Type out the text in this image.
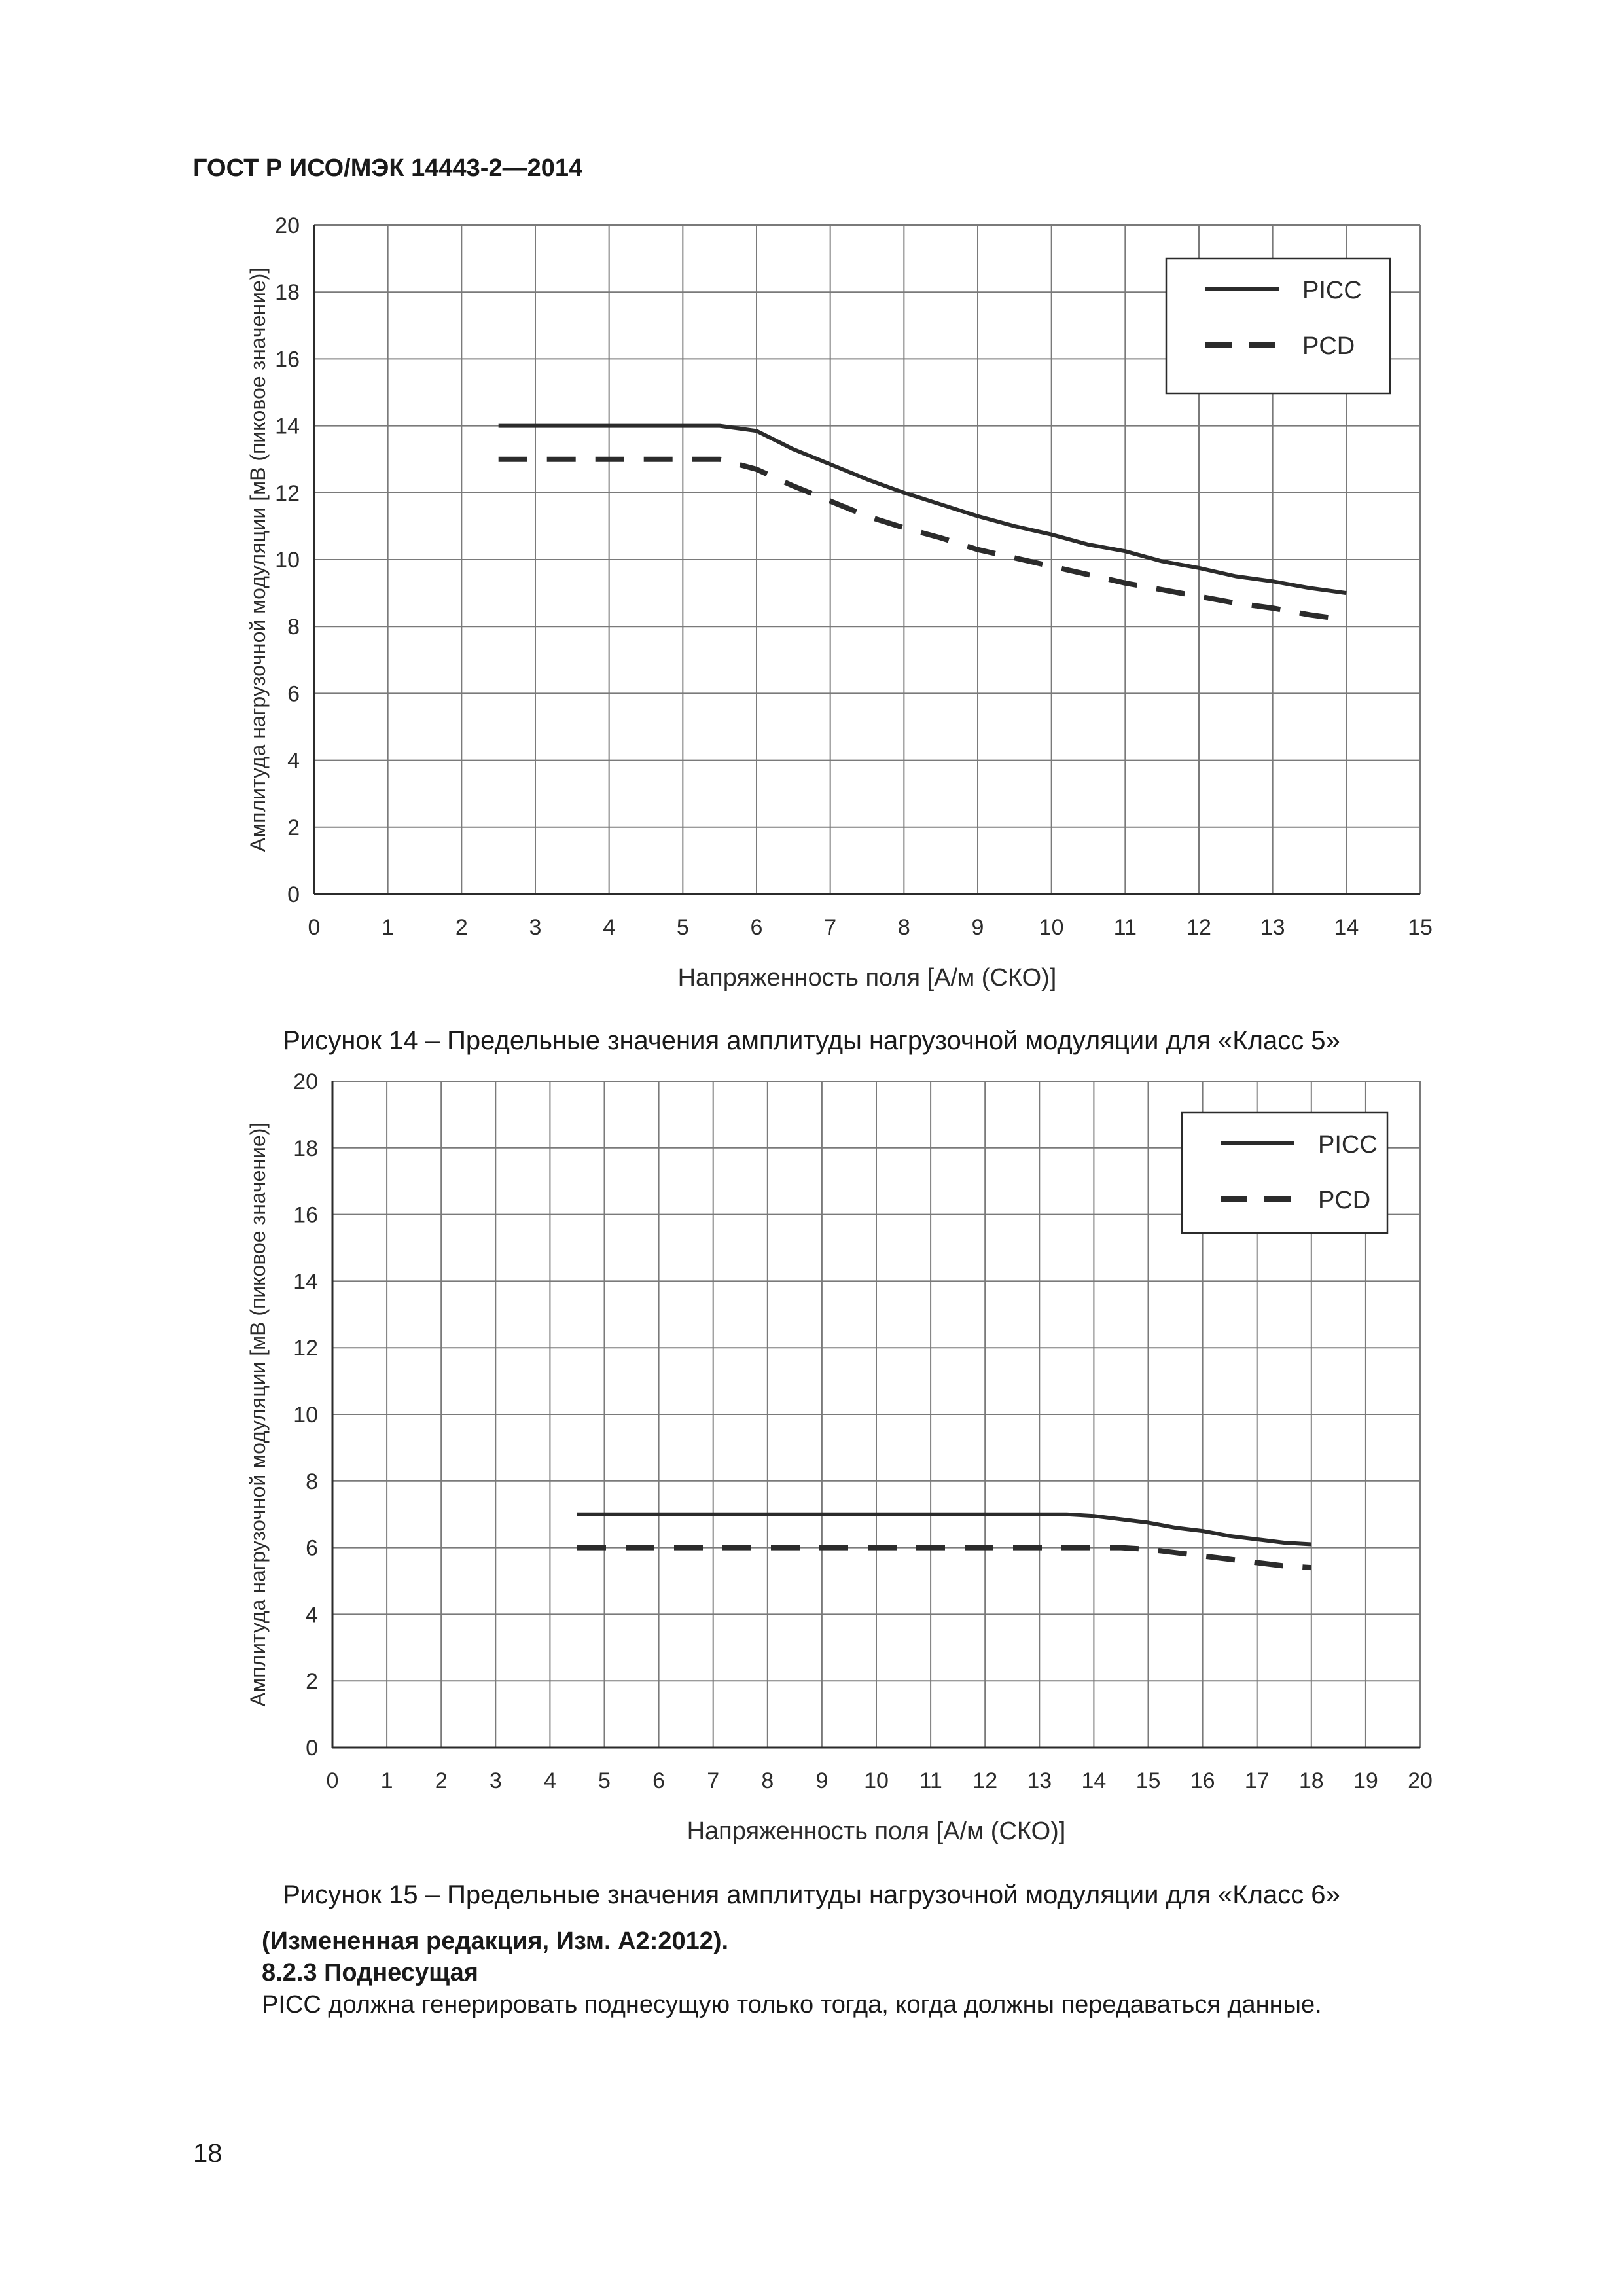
ГОСТ Р ИСО/МЭК 14443-2—2014
0	1	2	3	4	5	6	7	8	9 10 11 12 13 14 15
0
2
4
6
8
10
12
14
16
18
20
Напряженность поля [А/м (СКО)]
Амплитуда нагрузочной модуляции [мВ (пиковое значение)]	PICC
PCD
Рисунок 14 – Предельные значения амплитуды нагрузочной модуляции для «Класс 5»
0 1 2 3 4 5 6 7 8 9 10 11 12 13 14 15 16 17 18 19 20
0
2
4
6
8
10
12
14
16
18
20
Напряженность поля [А/м (СКО)]
Амплитуда нагрузочной модуляции [мВ (пиковое значение)]	PICC
PCD
Рисунок 15 – Предельные значения амплитуды нагрузочной модуляции для «Класс 6»
(Измененная редакция, Изм. А2:2012).
8.2.3 Поднесущая
PICC должна генерировать поднесущую только тогда, когда должны передаваться данные.
18
